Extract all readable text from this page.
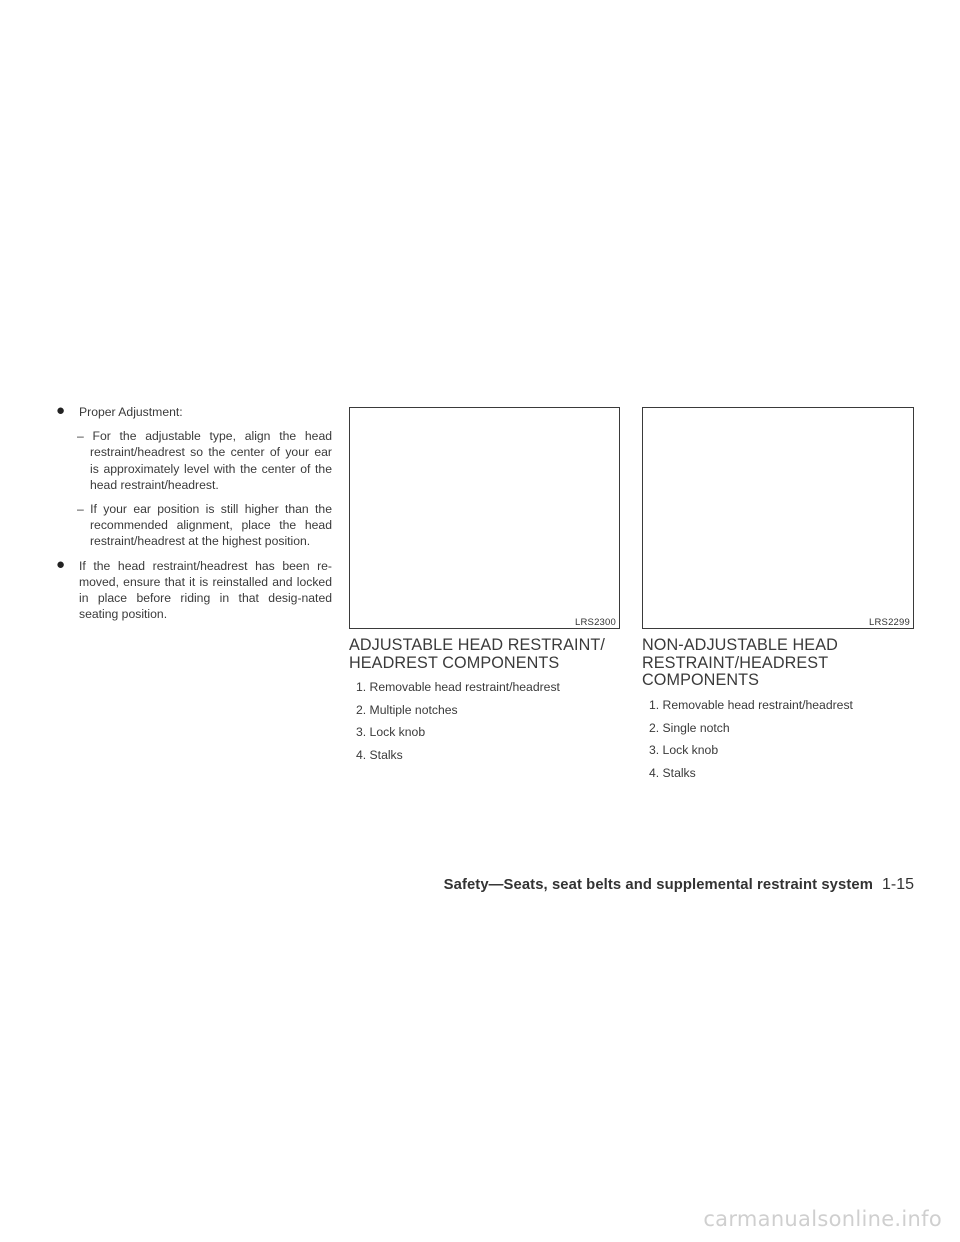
● Proper Adjustment:

– For the adjustable type, align the head restraint/headrest so the center of your ear is approximately level with the center of the head restraint/headrest.

– If your ear position is still higher than the recommended alignment, place the head restraint/headrest at the highest position.

● If the head restraint/headrest has been re-moved, ensure that it is reinstalled and locked in place before riding in that desig-nated seating position.
LRS2300	LRS2299
ADJUSTABLE HEAD RESTRAINT/ HEADREST COMPONENTS
NON-ADJUSTABLE HEAD RESTRAINT/HEADREST COMPONENTS
1. Removable head restraint/headrest
2. Multiple notches
3. Lock knob
4. Stalks
1. Removable head restraint/headrest
2. Single notch
3. Lock knob
4. Stalks
Safety—Seats, seat belts and supplemental restraint system 1-15
carmanualsonline.info
